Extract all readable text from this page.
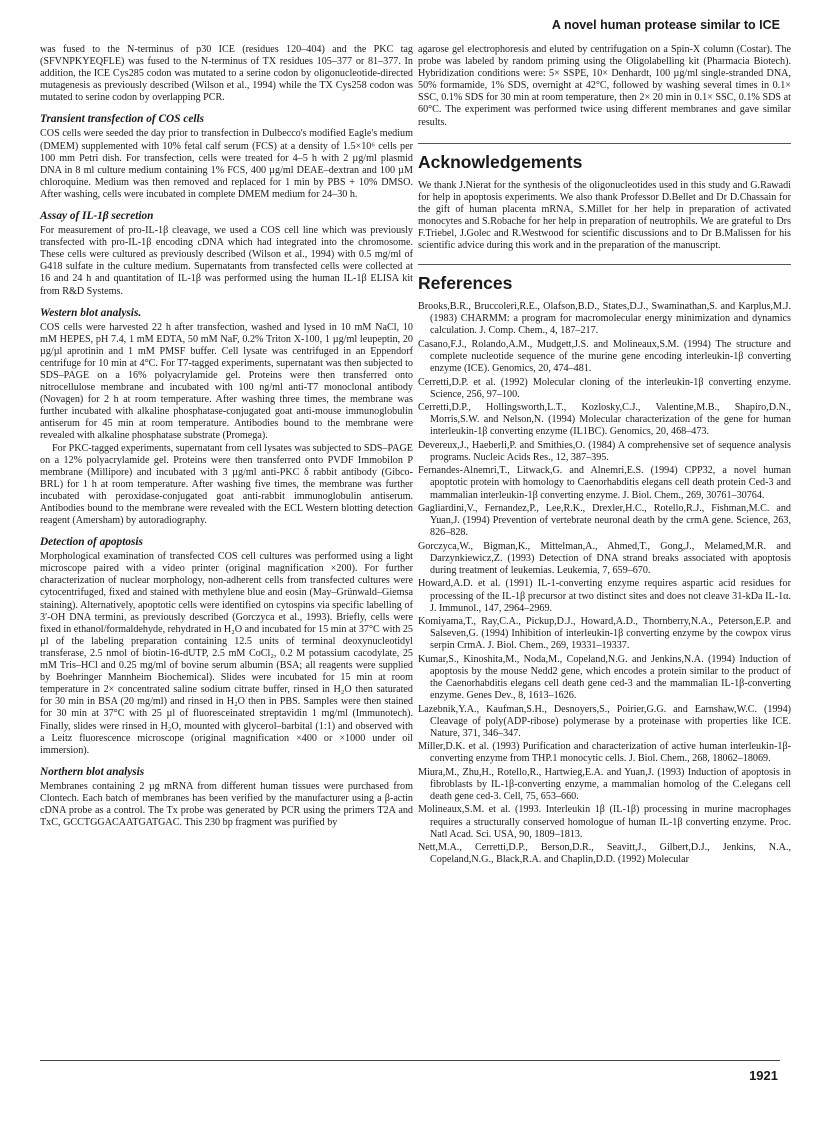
A novel human protease similar to ICE

was fused to the N-terminus of p30 ICE (residues 120–404) and the PKC tag (SFVNPKYEQFLE) was fused to the N-terminus of TX residues 105–377 or 81–377. In addition, the ICE Cys285 codon was mutated to a serine codon by oligonucleotide-directed mutagenesis as previously described (Wilson et al., 1994) while the TX Cys258 codon was mutated to serine codon by overlapping PCR.

Transient transfection of COS cells

COS cells were seeded the day prior to transfection in Dulbecco's modified Eagle's medium (DMEM) supplemented with 10% fetal calf serum (FCS) at a density of 1.5×10⁶ cells per 100 mm Petri dish. For transfection, cells were treated for 4–5 h with 2 µg/ml plasmid DNA in 8 ml culture medium containing 1% FCS, 400 µg/ml DEAE–dextran and 100 µM chloroquine. Medium was then removed and replaced for 1 min by PBS + 10% DMSO. After washing, cells were incubated in complete DMEM medium for 24–30 h.

Assay of IL-1β secretion

For measurement of pro-IL-1β cleavage, we used a COS cell line which was previously transfected with pro-IL-1β encoding cDNA which had integrated into the chromosome. These cells were cultured as previously described (Wilson et al., 1994) with 0.5 mg/ml of G418 sulfate in the culture medium. Supernatants from transfected cells were collected at 16 and 24 h and quantitation of IL-1β was performed using the human IL-1β ELISA kit from R&D Systems.

Western blot analysis.

COS cells were harvested 22 h after transfection, washed and lysed in 10 mM NaCl, 10 mM HEPES, pH 7.4, 1 mM EDTA, 50 mM NaF, 0.2% Triton X-100, 1 µg/ml leupeptin, 20 µg/µl aprotinin and 1 mM PMSF buffer. Cell lysate was centrifuged in an Eppendorf centrifuge for 10 min at 4°C. For T7-tagged experiments, supernatant was then subjected to SDS–PAGE on a 16% polyacrylamide gel. Proteins were then transferred onto nitrocellulose membrane and incubated with 100 ng/ml anti-T7 monoclonal antibody (Novagen) for 2 h at room temperature. After washing three times, the membrane was further incubated with alkaline phosphatase-conjugated goat anti-mouse immunoglobulin antiserum for 45 min at room temperature. Antibodies bound to the membrane were revealed with alkaline phosphatase substrate (Promega).

For PKC-tagged experiments, supernatant from cell lysates was subjected to SDS–PAGE on a 12% polyacrylamide gel. Proteins were then transferred onto PVDF Immobilon P membrane (Millipore) and incubated with 3 µg/ml anti-PKC δ rabbit antibody (Gibco-BRL) for 1 h at room temperature. After washing five times, the membrane was further incubated with peroxidase-conjugated goat anti-rabbit immunoglobulin antiserum. Antibodies bound to the membrane were revealed with the ECL Western blotting detection reagent (Amersham) by autoradiography.

Detection of apoptosis

Morphological examination of transfected COS cell cultures was performed using a light microscope paired with a video printer (original magnification ×200). For further characterization of nuclear morphology, non-adherent cells from transfected cultures were cytocentrifuged, fixed and stained with methylene blue and eosin (May–Grünwald–Giemsa staining). Alternatively, apoptotic cells were identified on cytospins via specific labelling of 3′-OH DNA termini, as previously described (Gorczyca et al., 1993). Briefly, cells were fixed in ethanol/formaldehyde, rehydrated in H₂O and incubated for 15 min at 37°C with 25 µl of the labeling preparation containing 12.5 units of terminal deoxynucleotidyl transferase, 2.5 nmol of biotin-16-dUTP, 2.5 mM CoCl₂, 0.2 M potassium cacodylate, 25 mM Tris–HCl and 0.25 mg/ml of bovine serum albumin (BSA; all reagents were supplied by Boehringer Mannheim Biochemical). Slides were incubated for 15 min at room temperature in 2× concentrated saline sodium citrate buffer, rinsed in H₂O then saturated for 30 min in BSA (20 mg/ml) and rinsed in H₂O then in PBS. Samples were then stained for 30 min at 37°C with 25 µl of fluoresceinated streptavidin 1 mg/ml (Immunotech). Finally, slides were rinsed in H₂O, mounted with glycerol–barbital (1:1) and observed with a Leitz fluorescence microscope (original magnification ×400 or ×1000 under oil immersion).

Northern blot analysis

Membranes containing 2 µg mRNA from different human tissues were purchased from Clontech. Each batch of membranes has been verified by the manufacturer using a β-actin cDNA probe as a control. The Tx probe was generated by PCR using the primers T2A and TxC, GCCTGGACAATGATGAC. This 230 bp fragment was purified by

agarose gel electrophoresis and eluted by centrifugation on a Spin-X column (Costar). The probe was labeled by random priming using the Oligolabelling kit (Pharmacia Biotech). Hybridization conditions were: 5× SSPE, 10× Denhardt, 100 µg/ml single-stranded DNA, 50% formamide, 1% SDS, overnight at 42°C, followed by washing several times in 0.1× SSC, 0.1% SDS for 30 min at room temperature, then 2× 20 min in 0.1× SSC, 0.1% SDS at 60°C. The experiment was performed twice using different membranes and gave similar results.

Acknowledgements

We thank J.Nierat for the synthesis of the oligonucleotides used in this study and G.Rawadi for help in apoptosis experiments. We also thank Professor D.Bellet and Dr D.Chassain for the gift of human placenta mRNA, S.Millet for her help in preparation of activated monocytes and S.Robache for her help in preparation of neutrophils. We are grateful to Drs F.Triebel, J.Golec and R.Westwood for scientific discussions and to Dr B.Malissen for his scientific advice during this work and in the preparation of the manuscript.

References
Brooks,B.R., Bruccoleri,R.E., Olafson,B.D., States,D.J., Swaminathan,S. and Karplus,M.J. (1983) CHARMM: a program for macromolecular energy minimization and dynamics calculation. J. Comp. Chem., 4, 187–217.
Casano,F.J., Rolando,A.M., Mudgett,J.S. and Molineaux,S.M. (1994) The structure and complete nucleotide sequence of the murine gene encoding interleukin-1β converting enzyme (ICE). Genomics, 20, 474–481.
Cerretti,D.P. et al. (1992) Molecular cloning of the interleukin-1β converting enzyme. Science, 256, 97–100.
Cerretti,D.P., Hollingsworth,L.T., Kozlosky,C.J., Valentine,M.B., Shapiro,D.N., Morris,S.W. and Nelson,N. (1994) Molecular characterization of the gene for human interleukin-1β converting enzyme (IL1BC). Genomics, 20, 468–473.
Devereux,J., Haeberli,P. and Smithies,O. (1984) A comprehensive set of sequence analysis programs. Nucleic Acids Res., 12, 387–395.
Fernandes-Alnemri,T., Litwack,G. and Alnemri,E.S. (1994) CPP32, a novel human apoptotic protein with homology to Caenorhabditis elegans cell death protein Ced-3 and mammalian interleukin-1β converting enzyme. J. Biol. Chem., 269, 30761–30764.
Gagliardini,V., Fernandez,P., Lee,R.K., Drexler,H.C., Rotello,R.J., Fishman,M.C. and Yuan,J. (1994) Prevention of vertebrate neuronal death by the crmA gene. Science, 263, 826–828.
Gorczyca,W., Bigman,K., Mittelman,A., Ahmed,T., Gong,J., Melamed,M.R. and Darzynkiewicz,Z. (1993) Detection of DNA strand breaks associated with apoptosis during treatment of leukemias. Leukemia, 7, 659–670.
Howard,A.D. et al. (1991) IL-1-converting enzyme requires aspartic acid residues for processing of the IL-1β precursor at two distinct sites and does not cleave 31-kDa IL-1α. J. Immunol., 147, 2964–2969.
Komiyama,T., Ray,C.A., Pickup,D.J., Howard,A.D., Thornberry,N.A., Peterson,E.P. and Salseven,G. (1994) Inhibition of interleukin-1β converting enzyme by the cowpox virus serpin CrmA. J. Biol. Chem., 269, 19331–19337.
Kumar,S., Kinoshita,M., Noda,M., Copeland,N.G. and Jenkins,N.A. (1994) Induction of apoptosis by the mouse Nedd2 gene, which encodes a protein similar to the product of the Caenorhabditis elegans cell death gene ced-3 and the mammalian IL-1β-converting enzyme. Genes Dev., 8, 1613–1626.
Lazebnik,Y.A., Kaufman,S.H., Desnoyers,S., Poirier,G.G. and Earnshaw,W.C. (1994) Cleavage of poly(ADP-ribose) polymerase by a proteinase with properties like ICE. Nature, 371, 346–347.
Miller,D.K. et al. (1993) Purification and characterization of active human interleukin-1β-converting enzyme from THP.1 monocytic cells. J. Biol. Chem., 268, 18062–18069.
Miura,M., Zhu,H., Rotello,R., Hartwieg,E.A. and Yuan,J. (1993) Induction of apoptosis in fibroblasts by IL-1β-converting enzyme, a mammalian homolog of the C.elegans cell death gene ced-3. Cell, 75, 653–660.
Molineaux,S.M. et al. (1993. Interleukin 1β (IL-1β) processing in murine macrophages requires a structurally conserved homologue of human IL-1β converting enzyme. Proc. Natl Acad. Sci. USA, 90, 1809–1813.
Nett,M.A., Cerretti,D.P., Berson,D.R., Seavitt,J., Gilbert,D.J., Jenkins, N.A., Copeland,N.G., Black,R.A. and Chaplin,D.D. (1992) Molecular
1921
